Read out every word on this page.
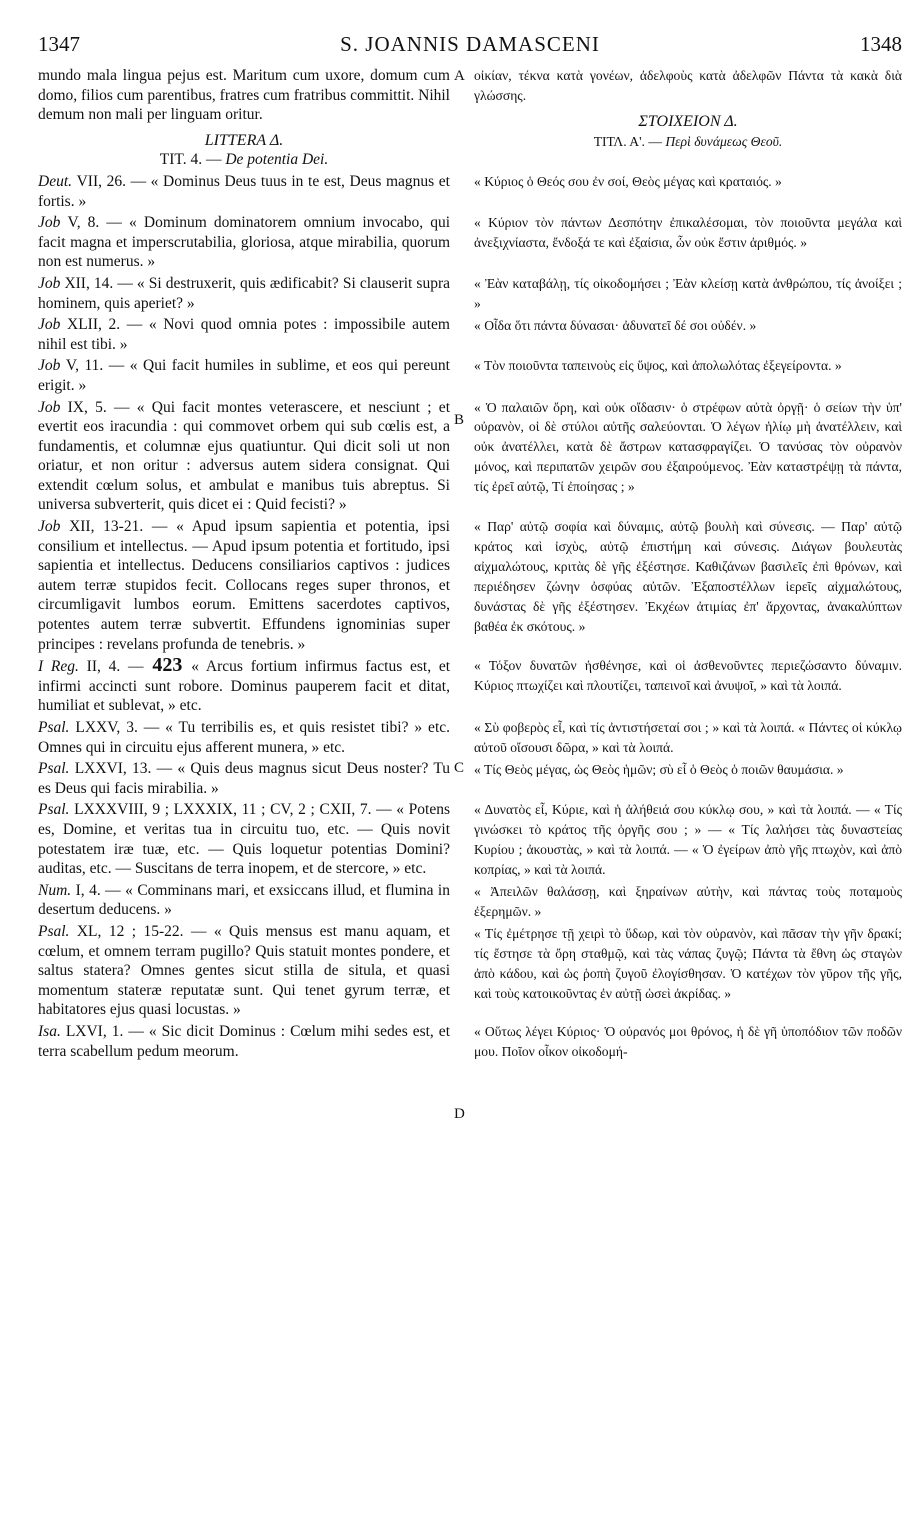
1347	S. JOANNIS DAMASCENI	1348
A
B
C
D

mundo mala lingua pejus est. Maritum cum uxore, domum cum domo, filios cum parentibus, fratres cum fratribus committit. Nihil demum non mali per linguam oritur.

LITTERA Δ.

TIT. 4. — De potentia Dei.

Deut. VII, 26. — « Dominus Deus tuus in te est, Deus magnus et fortis. »

Job V, 8. — « Dominum dominatorem omnium invocabo, qui facit magna et imperscrutabilia, gloriosa, atque mirabilia, quorum non est numerus. »

Job XII, 14. — « Si destruxerit, quis ædificabit? Si clauserit supra hominem, quis aperiet? »

Job XLII, 2. — « Novi quod omnia potes : impossibile autem nihil est tibi. »

Job V, 11. — « Qui facit humiles in sublime, et eos qui pereunt erigit. »

Job IX, 5. — « Qui facit montes veterascere, et nesciunt ; et evertit eos iracundia : qui commovet orbem qui sub cœlis est, a fundamentis, et columnæ ejus quatiuntur. Qui dicit soli ut non oriatur, et non oritur : adversus autem sidera consignat. Qui extendit cœlum solus, et ambulat e manibus tuis abreptus. Si universa subverterit, quis dicet ei : Quid fecisti? »

Job XII, 13-21. — « Apud ipsum sapientia et potentia, ipsi consilium et intellectus. — Apud ipsum potentia et fortitudo, ipsi sapientia et intellectus. Deducens consiliarios captivos : judices autem terræ stupidos fecit. Collocans reges super thronos, et circumligavit lumbos eorum. Emittens sacerdotes captivos, potentes autem terræ subvertit. Effundens ignominias super principes : revelans profunda de tenebris. »

I Reg. II, 4. — 423 « Arcus fortium infirmus factus est, et infirmi accincti sunt robore. Dominus pauperem facit et ditat, humiliat et sublevat, » etc.

Psal. LXXV, 3. — « Tu terribilis es, et quis resistet tibi? » etc. Omnes qui in circuitu ejus afferent munera, » etc.

Psal. LXXVI, 13. — « Quis deus magnus sicut Deus noster? Tu es Deus qui facis mirabilia. »

Psal. LXXXVIII, 9 ; LXXXIX, 11 ; CV, 2 ; CXII, 7. — « Potens es, Domine, et veritas tua in circuitu tuo, etc. — Quis novit potestatem iræ tuæ, etc. — Quis loquetur potentias Domini? auditas, etc. — Suscitans de terra inopem, et de stercore, » etc.

Num. I, 4. — « Comminans mari, et exsiccans illud, et flumina in desertum deducens. »

Psal. XL, 12 ; 15-22. — « Quis mensus est manu aquam, et cœlum, et omnem terram pugillo? Quis statuit montes pondere, et saltus statera? Omnes gentes sicut stilla de situla, et quasi momentum stateræ reputatæ sunt. Qui tenet gyrum terræ, et habitatores ejus quasi locustas. »

Isa. LXVI, 1. — « Sic dicit Dominus : Cœlum mihi sedes est, et terra scabellum pedum meorum.

οἰκίαν, τέκνα κατὰ γονέων, ἀδελφοὺς κατὰ ἀδελφῶν Πάντα τὰ κακὰ διὰ γλώσσης.

ΣΤΟΙΧΕΙΟΝ Δ.

ΤΙΤΛ. Α'. — Περὶ δυνάμεως Θεοῦ.

« Κύριος ὁ Θεός σου ἐν σοί, Θεὸς μέγας καὶ κραταιός. »

« Κύριον τὸν πάντων Δεσπότην ἐπικαλέσομαι, τὸν ποιοῦντα μεγάλα καὶ ἀνεξιχνίαστα, ἔνδοξά τε καὶ ἐξαίσια, ὧν οὐκ ἔστιν ἀριθμός. »

« Ἐὰν καταβάλῃ, τίς οἰκοδομήσει ; Ἐὰν κλείσῃ κατὰ ἀνθρώπου, τίς ἀνοίξει ; »

« Οἶδα ὅτι πάντα δύνασαι· ἀδυνατεῖ δέ σοι οὐδέν. »

« Τὸν ποιοῦντα ταπεινοὺς εἰς ὕψος, καὶ ἀπολωλότας ἐξεγείροντα. »

« Ὁ παλαιῶν ὄρη, καὶ οὐκ οἴδασιν· ὁ στρέφων αὐτὰ ὀργῇ· ὁ σείων τὴν ὑπ' οὐρανὸν, οἱ δὲ στύλοι αὐτῆς σαλεύονται. Ὁ λέγων ἡλίῳ μὴ ἀνατέλλειν, καὶ οὐκ ἀνατέλλει, κατὰ δὲ ἄστρων κατασφραγίζει. Ὁ τανύσας τὸν οὐρανὸν μόνος, καὶ περιπατῶν χειρῶν σου ἐξαιρούμενος. Ἐὰν καταστρέψῃ τὰ πάντα, τίς ἐρεῖ αὐτῷ, Τί ἐποίησας ; »

« Παρ' αὐτῷ σοφία καὶ δύναμις, αὐτῷ βουλὴ καὶ σύνεσις. — Παρ' αὐτῷ κράτος καὶ ἰσχὺς, αὐτῷ ἐπιστήμη καὶ σύνεσις. Διάγων βουλευτὰς αἰχμαλώτους, κριτὰς δὲ γῆς ἐξέστησε. Καθιζάνων βασιλεῖς ἐπὶ θρόνων, καὶ περιέδησεν ζώνην ὀσφύας αὐτῶν. Ἐξαποστέλλων ἱερεῖς αἰχμαλώτους, δυνάστας δὲ γῆς ἐξέστησεν. Ἐκχέων ἀτιμίας ἐπ' ἄρχοντας, ἀνακαλύπτων βαθέα ἐκ σκότους. »

« Τόξον δυνατῶν ἠσθένησε, καὶ οἱ ἀσθενοῦντες περιεζώσαντο δύναμιν. Κύριος πτωχίζει καὶ πλουτίζει, ταπεινοῖ καὶ ἀνυψοῖ, » καὶ τὰ λοιπά.

« Σὺ φοβερὸς εἶ, καὶ τίς ἀντιστήσεταί σοι ; » καὶ τὰ λοιπά. « Πάντες οἱ κύκλῳ αὐτοῦ οἴσουσι δῶρα, » καὶ τὰ λοιπά.

« Τίς Θεὸς μέγας, ὡς Θεὸς ἡμῶν; σὺ εἶ ὁ Θεὸς ὁ ποιῶν θαυμάσια. »

« Δυνατὸς εἶ, Κύριε, καὶ ἡ ἀλήθειά σου κύκλῳ σου, » καὶ τὰ λοιπά. — « Τίς γινώσκει τὸ κράτος τῆς ὀργῆς σου ; » — « Τίς λαλήσει τὰς δυναστείας Κυρίου ; ἀκουστὰς, » καὶ τὰ λοιπά. — « Ὁ ἐγείρων ἀπὸ γῆς πτωχὸν, καὶ ἀπὸ κοπρίας, » καὶ τὰ λοιπά.

« Ἀπειλῶν θαλάσσῃ, καὶ ξηραίνων αὐτὴν, καὶ πάντας τοὺς ποταμοὺς ἐξερημῶν. »

« Τίς ἐμέτρησε τῇ χειρὶ τὸ ὕδωρ, καὶ τὸν οὐρανὸν, καὶ πᾶσαν τὴν γῆν δρακί; τίς ἔστησε τὰ ὄρη σταθμῷ, καὶ τὰς νάπας ζυγῷ; Πάντα τὰ ἔθνη ὡς σταγὼν ἀπὸ κάδου, καὶ ὡς ῥοπὴ ζυγοῦ ἐλογίσθησαν. Ὁ κατέχων τὸν γῦρον τῆς γῆς, καὶ τοὺς κατοικοῦντας ἐν αὐτῇ ὡσεὶ ἀκρίδας. »

« Οὕτως λέγει Κύριος· Ὁ οὐρανός μοι θρόνος, ἡ δὲ γῆ ὑποπόδιον τῶν ποδῶν μου. Ποῖον οἶκον οἰκοδομή-
